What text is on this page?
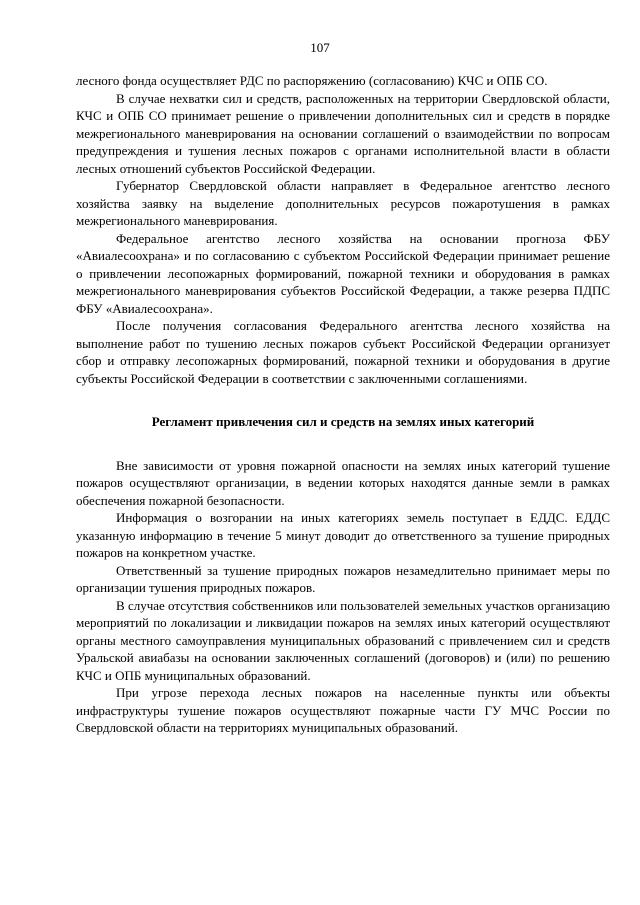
107

лесного фонда осуществляет РДС по распоряжению (согласованию) КЧС и ОПБ СО.

В случае нехватки сил и средств, расположенных на территории Свердловской области, КЧС и ОПБ СО принимает решение о привлечении дополнительных сил и средств в порядке межрегионального маневрирования на основании соглашений о взаимодействии по вопросам предупреждения и тушения лесных пожаров с органами исполнительной власти в области лесных отношений субъектов Российской Федерации.

Губернатор Свердловской области направляет в Федеральное агентство лесного хозяйства заявку на выделение дополнительных ресурсов пожаротушения в рамках межрегионального маневрирования.

Федеральное агентство лесного хозяйства на основании прогноза ФБУ «Авиалесоохрана» и по согласованию с субъектом Российской Федерации принимает решение о привлечении лесопожарных формирований, пожарной техники и оборудования в рамках межрегионального маневрирования субъектов Российской Федерации, а также резерва ПДПС ФБУ «Авиалесоохрана».

После получения согласования Федерального агентства лесного хозяйства на выполнение работ по тушению лесных пожаров субъект Российской Федерации организует сбор и отправку лесопожарных формирований, пожарной техники и оборудования в другие субъекты Российской Федерации в соответствии с заключенными соглашениями.

Регламент привлечения сил и средств на землях иных категорий

Вне зависимости от уровня пожарной опасности на землях иных категорий тушение пожаров осуществляют организации, в ведении которых находятся данные земли в рамках обеспечения пожарной безопасности.

Информация о возгорании на иных категориях земель поступает в ЕДДС. ЕДДС указанную информацию в течение 5 минут доводит до ответственного за тушение природных пожаров на конкретном участке.

Ответственный за тушение природных пожаров незамедлительно принимает меры по организации тушения природных пожаров.

В случае отсутствия собственников или пользователей земельных участков организацию мероприятий по локализации и ликвидации пожаров на землях иных категорий осуществляют органы местного самоуправления муниципальных образований с привлечением сил и средств Уральской авиабазы на основании заключенных соглашений (договоров) и (или) по решению КЧС и ОПБ муниципальных образований.

При угрозе перехода лесных пожаров на населенные пункты или объекты инфраструктуры тушение пожаров осуществляют пожарные части ГУ МЧС России по Свердловской области на территориях муниципальных образований.
